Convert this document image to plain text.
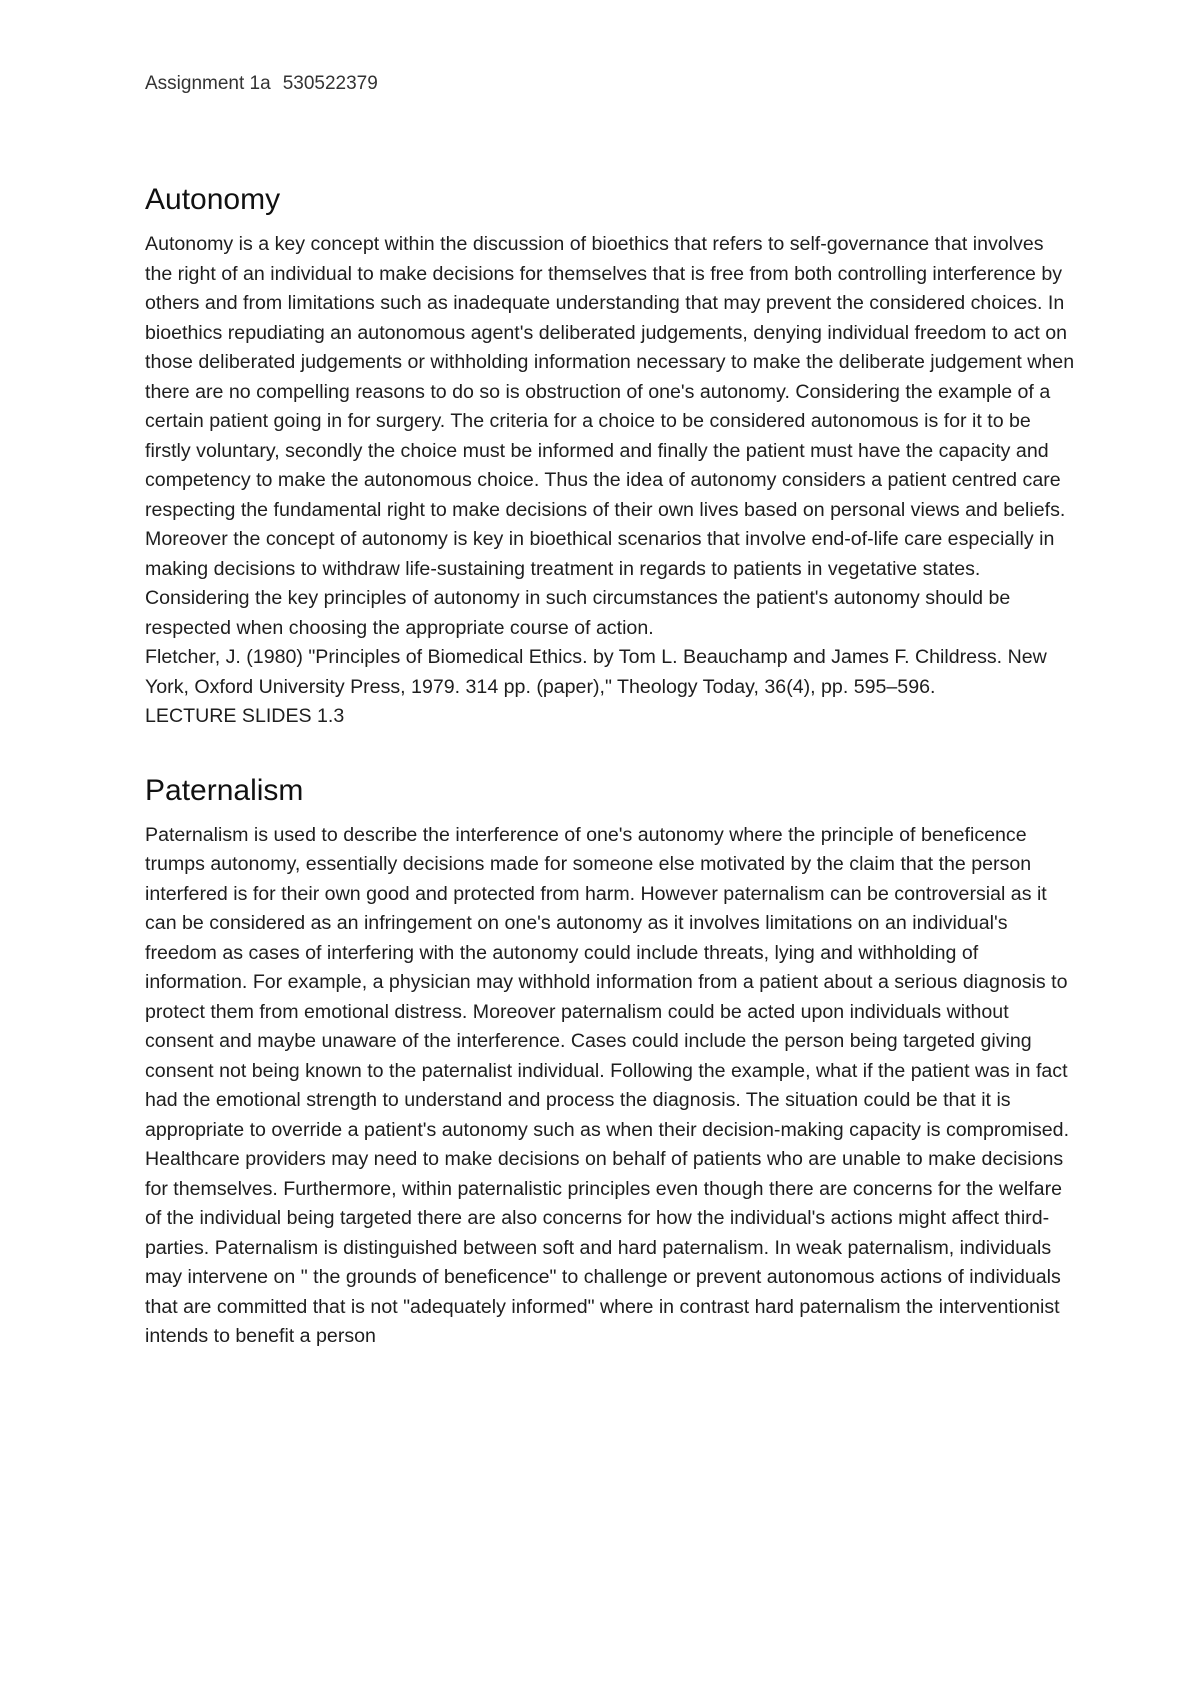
Assignment 1a 530522379

Autonomy

Autonomy is a key concept within the discussion of bioethics that refers to self-governance that involves the right of an individual to make decisions for themselves that is free from both controlling interference by others and from limitations such as inadequate understanding that may prevent the considered choices. In bioethics repudiating an autonomous agent's deliberated judgements, denying individual freedom to act on those deliberated judgements or withholding information necessary to make the deliberate judgement when there are no compelling reasons to do so is obstruction of one's autonomy. Considering the example of a certain patient going in for surgery. The criteria for a choice to be considered autonomous is for it to be firstly voluntary, secondly the choice must be informed and finally the patient must have the capacity and competency to make the autonomous choice. Thus the idea of autonomy considers a patient centred care respecting the fundamental right to make decisions of their own lives based on personal views and beliefs. Moreover the concept of autonomy is key in bioethical scenarios that involve end-of-life care especially in making decisions to withdraw life-sustaining treatment in regards to patients in vegetative states. Considering the key principles of autonomy in such circumstances the patient's autonomy should be respected when choosing the appropriate course of action.

Fletcher, J. (1980) "Principles of Biomedical Ethics. by Tom L. Beauchamp and James F. Childress. New York, Oxford University Press, 1979. 314 pp. (paper)," Theology Today, 36(4), pp. 595–596.

LECTURE SLIDES 1.3

Paternalism

Paternalism is used to describe the interference of one's autonomy where the principle of beneficence trumps autonomy, essentially decisions made for someone else motivated by the claim that the person interfered is for their own good and protected from harm. However paternalism can be controversial as it can be considered as an infringement on one's autonomy as it involves limitations on an individual's freedom as cases of interfering with the autonomy could include threats, lying and withholding of information. For example, a physician may withhold information from a patient about a serious diagnosis to protect them from emotional distress. Moreover paternalism could be acted upon individuals without consent and maybe unaware of the interference. Cases could include the person being targeted giving consent not being known to the paternalist individual. Following the example, what if the patient was in fact had the emotional strength to understand and process the diagnosis. The situation could be that it is appropriate to override a patient's autonomy such as when their decision-making capacity is compromised. Healthcare providers may need to make decisions on behalf of patients who are unable to make decisions for themselves. Furthermore, within paternalistic principles even though there are concerns for the welfare of the individual being targeted there are also concerns for how the individual's actions might affect third-parties. Paternalism is distinguished between soft and hard paternalism. In weak paternalism, individuals may intervene on " the grounds of beneficence" to challenge or prevent autonomous actions of individuals that are committed that is not "adequately informed" where in contrast hard paternalism the interventionist intends to benefit a person
